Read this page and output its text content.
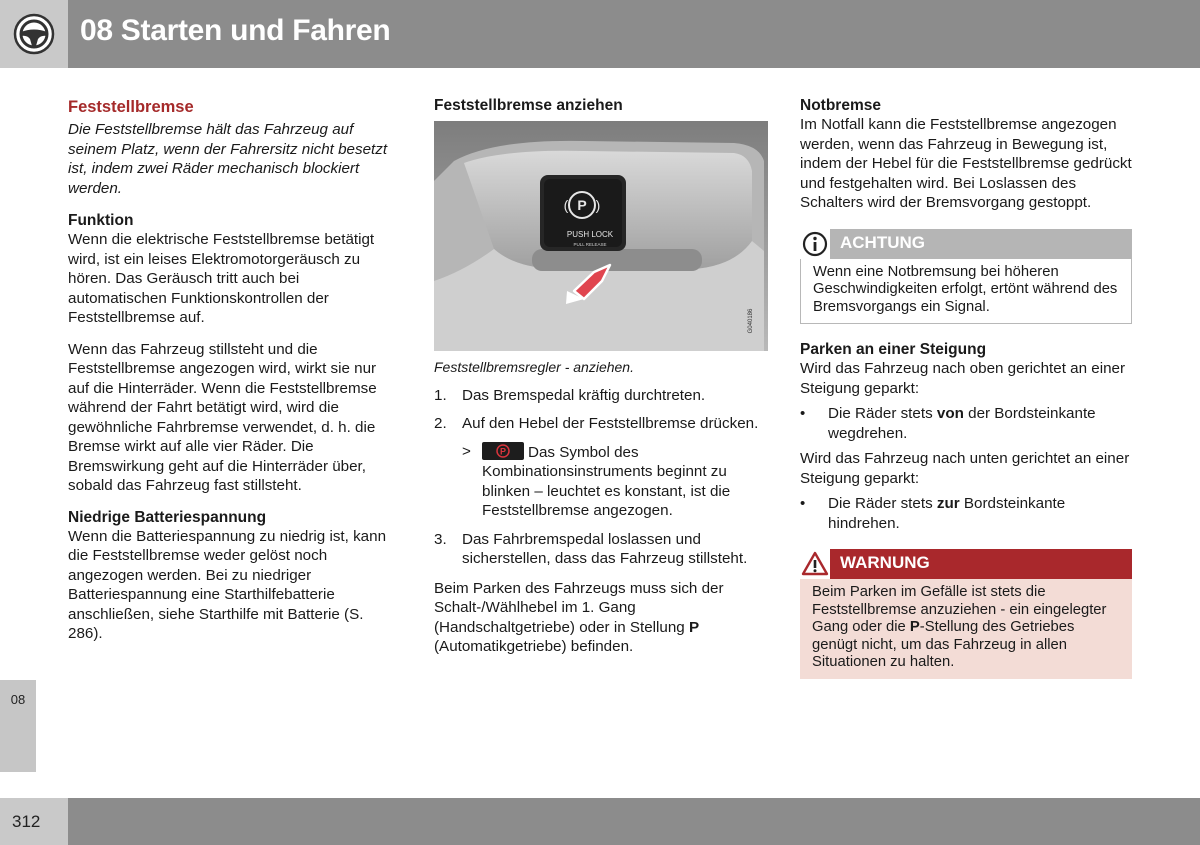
08 Starten und Fahren
08
312
Feststellbremse

Die Feststellbremse hält das Fahrzeug auf seinem Platz, wenn der Fahrersitz nicht besetzt ist, indem zwei Räder mechanisch blockiert werden.

Funktion

Wenn die elektrische Feststellbremse betätigt wird, ist ein leises Elektromotorgeräusch zu hören. Das Geräusch tritt auch bei automatischen Funktionskontrollen der Feststellbremse auf.

Wenn das Fahrzeug stillsteht und die Feststellbremse angezogen wird, wirkt sie nur auf die Hinterräder. Wenn die Feststellbremse während der Fahrt betätigt wird, wird die gewöhnliche Fahrbremse verwendet, d. h. die Bremse wirkt auf alle vier Räder. Die Bremswirkung geht auf die Hinterräder über, sobald das Fahrzeug fast stillsteht.

Niedrige Batteriespannung

Wenn die Batteriespannung zu niedrig ist, kann die Feststellbremse weder gelöst noch angezogen werden. Bei zu niedriger Batteriespannung eine Starthilfebatterie anschließen, siehe Starthilfe mit Batterie (S. 286).

Feststellbremse anziehen
P
( )
PUSH LOCK
PULL RELEASE
G040186

Feststellbremsregler - anziehen.

1. Das Bremspedal kräftig durchtreten.
2. Auf den Hebel der Feststellbremse drücken.
>	P Das Symbol des Kombinationsinstruments beginnt zu blinken – leuchtet es konstant, ist die Feststellbremse angezogen.
3. Das Fahrbremspedal loslassen und sicherstellen, dass das Fahrzeug stillsteht.

Beim Parken des Fahrzeugs muss sich der Schalt-/Wählhebel im 1. Gang (Handschaltgetriebe) oder in Stellung P (Automatikgetriebe) befinden.

Notbremse

Im Notfall kann die Feststellbremse angezogen werden, wenn das Fahrzeug in Bewegung ist, indem der Hebel für die Feststellbremse gedrückt und festgehalten wird. Bei Loslassen des Schalters wird der Bremsvorgang gestoppt.

ACHTUNG
Wenn eine Notbremsung bei höheren Geschwindigkeiten erfolgt, ertönt während des Bremsvorgangs ein Signal.
Parken an einer Steigung

Wird das Fahrzeug nach oben gerichtet an einer Steigung geparkt:

• Die Räder stets von der Bordsteinkante wegdrehen.

Wird das Fahrzeug nach unten gerichtet an einer Steigung geparkt:

• Die Räder stets zur Bordsteinkante hindrehen.
WARNUNG
Beim Parken im Gefälle ist stets die Feststellbremse anzuziehen - ein eingelegter Gang oder die P-Stellung des Getriebes genügt nicht, um das Fahrzeug in allen Situationen zu halten.
